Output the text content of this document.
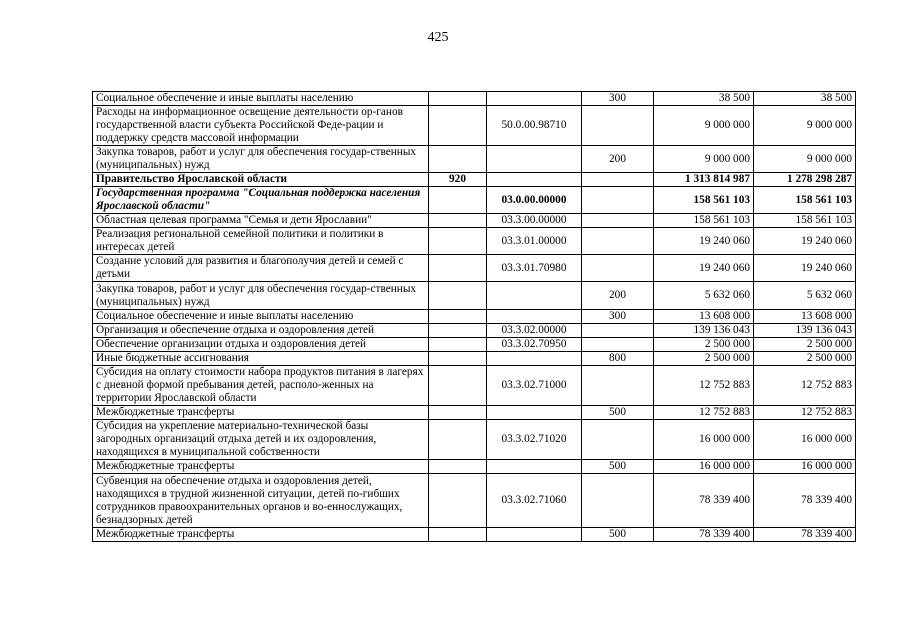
425
Социальное обеспечение и иные выплаты населению			300	38 500	38 500
Расходы на информационное освещение деятельности ор-ганов государственной власти субъекта Российской Феде-рации и поддержку средств массовой информации		50.0.00.98710		9 000 000	9 000 000
Закупка товаров, работ и услуг для обеспечения государ-ственных (муниципальных) нужд			200	9 000 000	9 000 000
Правительство Ярославской области	920			1 313 814 987	1 278 298 287
Государственная программа "Социальная поддержка населения Ярославской области"		03.0.00.00000		158 561 103	158 561 103
Областная целевая программа "Семья и дети Ярославии"		03.3.00.00000		158 561 103	158 561 103
Реализация региональной семейной политики и политики в интересах детей		03.3.01.00000		19 240 060	19 240 060
Создание условий для развития и благополучия детей и семей с детьми		03.3.01.70980		19 240 060	19 240 060
Закупка товаров, работ и услуг для обеспечения государ-ственных (муниципальных) нужд			200	5 632 060	5 632 060
Социальное обеспечение и иные выплаты населению			300	13 608 000	13 608 000
Организация и обеспечение отдыха и оздоровления детей		03.3.02.00000		139 136 043	139 136 043
Обеспечение организации отдыха и оздоровления детей		03.3.02.70950		2 500 000	2 500 000
Иные бюджетные ассигнования			800	2 500 000	2 500 000
Субсидия на оплату стоимости набора продуктов питания в лагерях с дневной формой пребывания детей, располо-женных на территории Ярославской области		03.3.02.71000		12 752 883	12 752 883
Межбюджетные трансферты			500	12 752 883	12 752 883
Субсидия на укрепление материально-технической базы загородных организаций отдыха детей и их оздоровления, находящихся в муниципальной собственности		03.3.02.71020		16 000 000	16 000 000
Межбюджетные трансферты			500	16 000 000	16 000 000
Субвенция на обеспечение отдыха и оздоровления детей, находящихся в трудной жизненной ситуации, детей по-гибших сотрудников правоохранительных органов и во-еннослужащих, безнадзорных детей		03.3.02.71060		78 339 400	78 339 400
Межбюджетные трансферты			500	78 339 400	78 339 400
